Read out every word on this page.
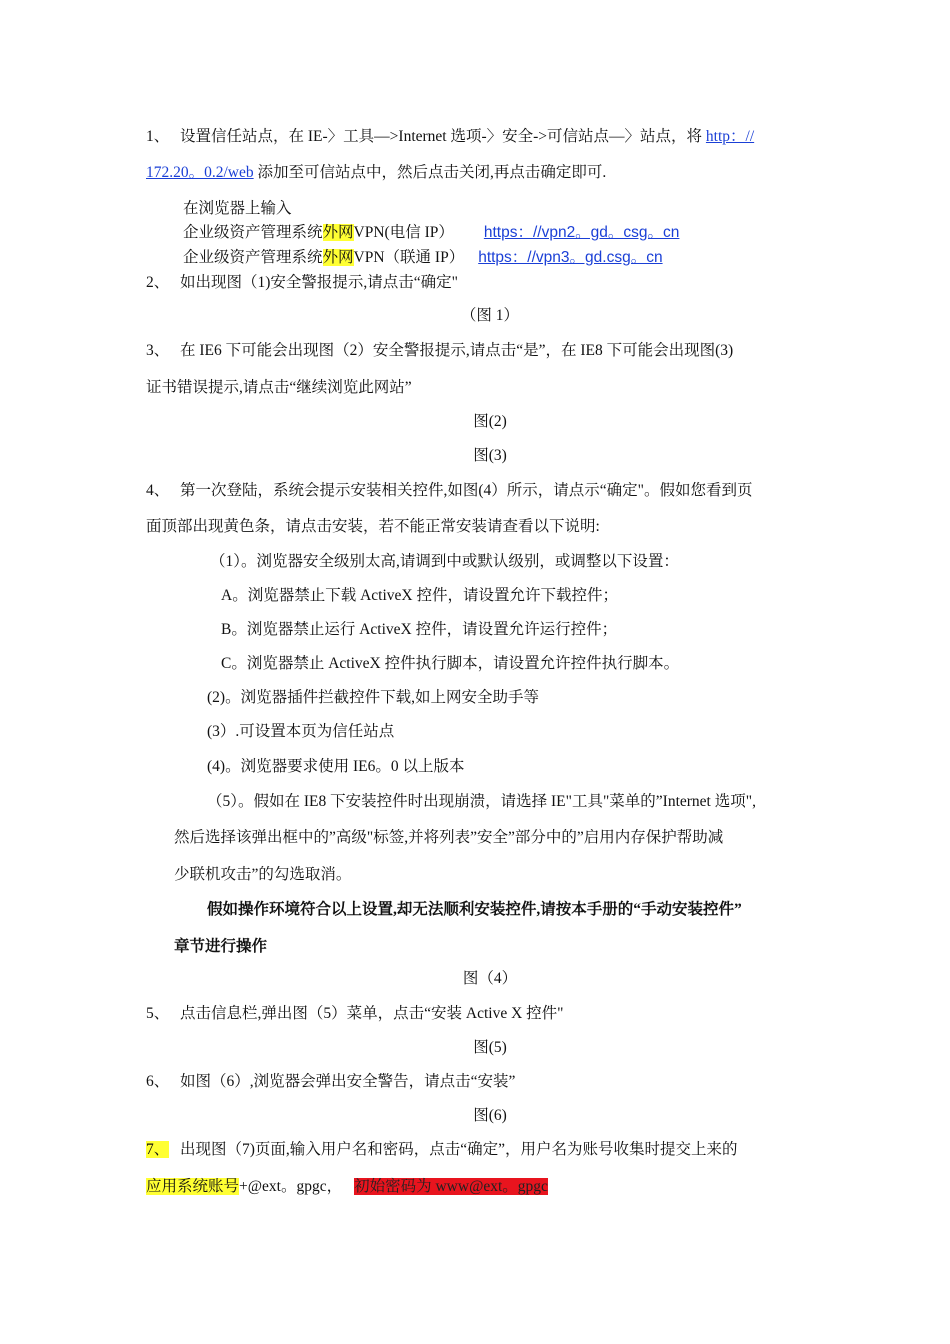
1、 设置信任站点，在 IE-〉工具—>Internet 选项-〉安全->可信站点—〉站点，将 http：//
172.20。0.2/web 添加至可信站点中，然后点击关闭,再点击确定即可.
在浏览器上输入
企业级资产管理系统外网VPN(电信 IP） https：//vpn2。gd。csg。cn
企业级资产管理系统外网VPN（联通 IP） https：//vpn3。gd.csg。cn
2、 如出现图（1)安全警报提示,请点击“确定"
（图 1）
3、 在 IE6 下可能会出现图（2）安全警报提示,请点击“是”，在 IE8 下可能会出现图(3)
证书错误提示,请点击“继续浏览此网站”
图(2)
图(3)
4、 第一次登陆，系统会提示安装相关控件,如图(4）所示，请点示“确定"。假如您看到页
面顶部出现黄色条，请点击安装，若不能正常安装请查看以下说明:
（1）。浏览器安全级别太高,请调到中或默认级别，或调整以下设置：
A。浏览器禁止下载 ActiveX 控件，请设置允许下载控件；
B。浏览器禁止运行 ActiveX 控件，请设置允许运行控件；
C。浏览器禁止 ActiveX 控件执行脚本，请设置允许控件执行脚本。
(2)。浏览器插件拦截控件下载,如上网安全助手等
(3）.可设置本页为信任站点
(4)。浏览器要求使用 IE6。0 以上版本
（5）。假如在 IE8 下安装控件时出现崩溃，请选择 IE"工具"菜单的”Internet 选项",
然后选择该弹出框中的”高级"标签,并将列表”安全”部分中的”启用内存保护帮助减
少联机攻击”的勾选取消。
假如操作环境符合以上设置,却无法顺利安装控件,请按本手册的“手动安装控件”
章节进行操作
图（4）
5、 点击信息栏,弹出图（5）菜单，点击“安装 Active X 控件"
图(5)
6、 如图（6）,浏览器会弹出安全警告，请点击“安装”
图(6)
7、 出现图（7)页面,输入用户名和密码，点击“确定”，用户名为账号收集时提交上来的
应用系统账号+@ext。gpgc， 初始密码为 www@ext。gpgc
